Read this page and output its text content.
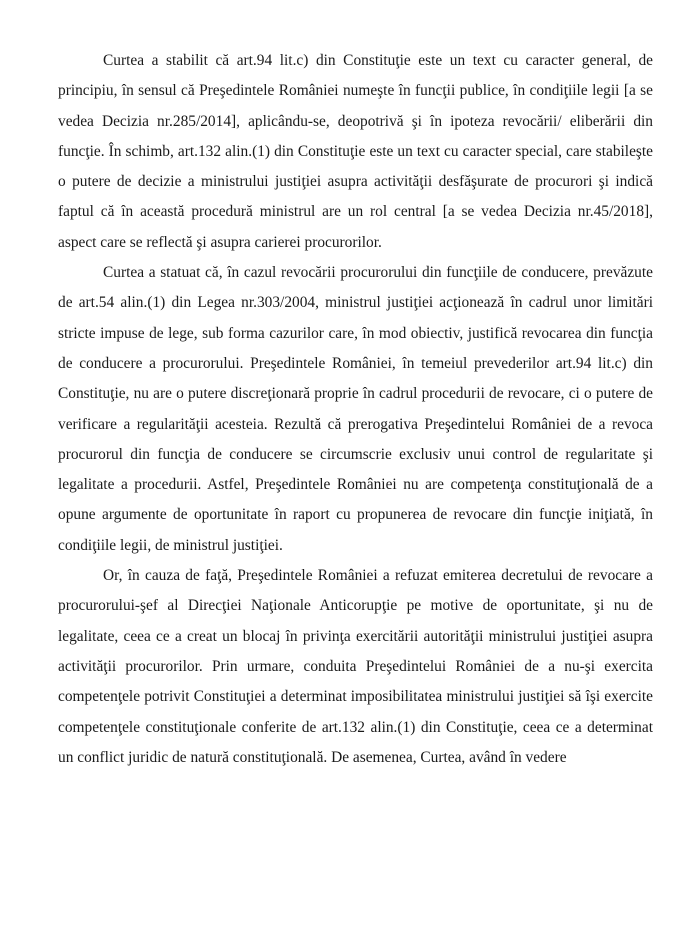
Curtea a stabilit că art.94 lit.c) din Constituţie este un text cu caracter general, de principiu, în sensul că Preşedintele României numeşte în funcţii publice, în condiţiile legii [a se vedea Decizia nr.285/2014], aplicându-se, deopotrivă şi în ipoteza revocării/ eliberării din funcţie. În schimb, art.132 alin.(1) din Constituţie este un text cu caracter special, care stabileşte o putere de decizie a ministrului justiţiei asupra activităţii desfăşurate de procurori şi indică faptul că în această procedură ministrul are un rol central [a se vedea Decizia nr.45/2018], aspect care se reflectă şi asupra carierei procurorilor.

Curtea a statuat că, în cazul revocării procurorului din funcţiile de conducere, prevăzute de art.54 alin.(1) din Legea nr.303/2004, ministrul justiţiei acţionează în cadrul unor limitări stricte impuse de lege, sub forma cazurilor care, în mod obiectiv, justifică revocarea din funcţia de conducere a procurorului. Preşedintele României, în temeiul prevederilor art.94 lit.c) din Constituţie, nu are o putere discreţionară proprie în cadrul procedurii de revocare, ci o putere de verificare a regularităţii acesteia. Rezultă că prerogativa Preşedintelui României de a revoca procurorul din funcţia de conducere se circumscrie exclusiv unui control de regularitate şi legalitate a procedurii. Astfel, Preşedintele României nu are competenţa constituţională de a opune argumente de oportunitate în raport cu propunerea de revocare din funcţie iniţiată, în condiţiile legii, de ministrul justiţiei.

Or, în cauza de faţă, Preşedintele României a refuzat emiterea decretului de revocare a procurorului-şef al Direcţiei Naţionale Anticorupţie pe motive de oportunitate, şi nu de legalitate, ceea ce a creat un blocaj în privinţa exercitării autorităţii ministrului justiţiei asupra activităţii procurorilor. Prin urmare, conduita Preşedintelui României de a nu-şi exercita competenţele potrivit Constituţiei a determinat imposibilitatea ministrului justiţiei să îşi exercite competenţele constituţionale conferite de art.132 alin.(1) din Constituţie, ceea ce a determinat un conflict juridic de natură constituţională. De asemenea, Curtea, având în vedere
